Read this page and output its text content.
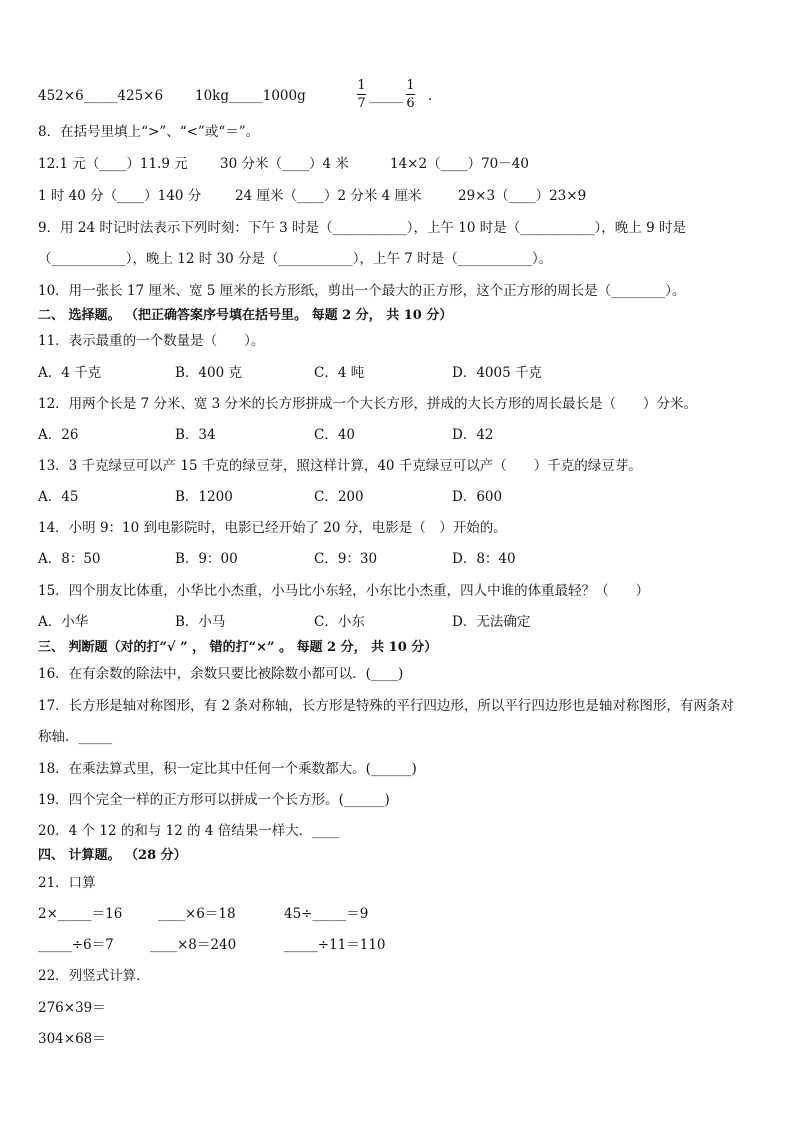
452×6_____425×6 10kg_____1000g
1
7 _____
1
6 .
8．在括号里填上“>”、“<”或“＝”。
12.1 元（____）11.9 元 30 分米（____）4 米	14×2（____）70－40
1 时 40 分（____）140 分	24 厘米（____）2 分米 4 厘米	29×3（____）23×9
9．用 24 时记时法表示下列时刻：下午 3 时是（___________），上午 10 时是（___________），晚上 9 时是
（___________），晚上 12 时 30 分是（___________），上午 7 时是（___________）。
10．用一张长 17 厘米、宽 5 厘米的长方形纸，剪出一个最大的正方形，这个正方形的周长是（________）。
二、 选择题。 （把正确答案序号填在括号里。 每题 2 分， 共 10 分）
11．表示最重的一个数量是（　　）。
A．4 千克	B．400 克	C．4 吨	D．4005 千克
12．用两个长是 7 分米、宽 3 分米的长方形拼成一个大长方形，拼成的大长方形的周长最长是（　　）分米。
A．26	B．34	C．40	D．42
13．3 千克绿豆可以产 15 千克的绿豆芽，照这样计算，40 千克绿豆可以产（　　）千克的绿豆芽。
A．45	B．1200	C．200	D．600
14．小明 9：10 到电影院时，电影已经开始了 20 分，电影是（　）开始的。
A．8：50	B．9：00	C．9：30	D．8：40
15．四个朋友比体重，小华比小杰重，小马比小东轻，小东比小杰重，四人中谁的体重最轻？（　　）
A．小华	B．小马	C．小东	D．无法确定
三、 判断题（对的打“√ ” ， 错的打“×” 。 每题 2 分， 共 10 分）
16．在有余数的除法中，余数只要比被除数小都可以．(____)
17．长方形是轴对称图形，有 2 条对称轴，长方形是特殊的平行四边形，所以平行四边形也是轴对称图形，有两条对
称轴．_____
18．在乘法算式里，积一定比其中任何一个乘数都大。(______)
19．四个完全一样的正方形可以拼成一个长方形。(______)
20．4 个 12 的和与 12 的 4 倍结果一样大．____
四、 计算题。 （28 分）
21．口算
2×_____＝16	____×6＝18	45÷_____＝9
_____÷6＝7	____×8＝240	_____÷11＝110
22．列竖式计算．
276×39＝
304×68＝
